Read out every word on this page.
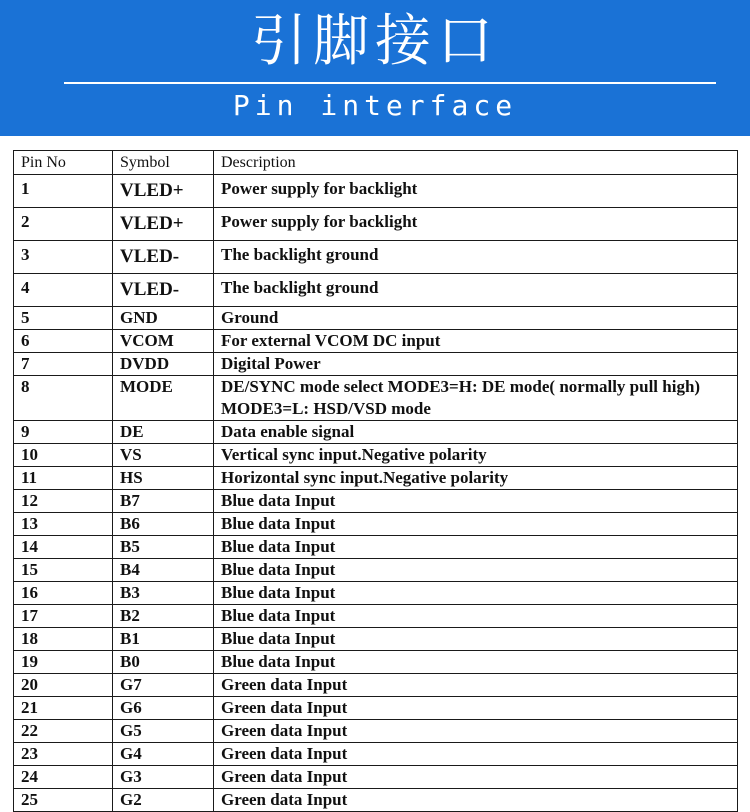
引脚接口
Pin interface
Pin No	Symbol	Description
1	VLED+	Power supply for backlight
2	VLED+	Power supply for backlight
3	VLED-	The backlight ground
4	VLED-	The backlight ground
5	GND	Ground
6	VCOM	For external VCOM DC input
7	DVDD	Digital Power
8	MODE	DE/SYNC mode select MODE3=H: DE mode( normally pull high) MODE3=L: HSD/VSD mode
9	DE	Data enable signal
10	VS	Vertical sync input.Negative polarity
11	HS	Horizontal sync input.Negative polarity
12	B7	Blue data Input
13	B6	Blue data Input
14	B5	Blue data Input
15	B4	Blue data Input
16	B3	Blue data Input
17	B2	Blue data Input
18	B1	Blue data Input
19	B0	Blue data Input
20	G7	Green data Input
21	G6	Green data Input
22	G5	Green data Input
23	G4	Green data Input
24	G3	Green data Input
25	G2	Green data Input
